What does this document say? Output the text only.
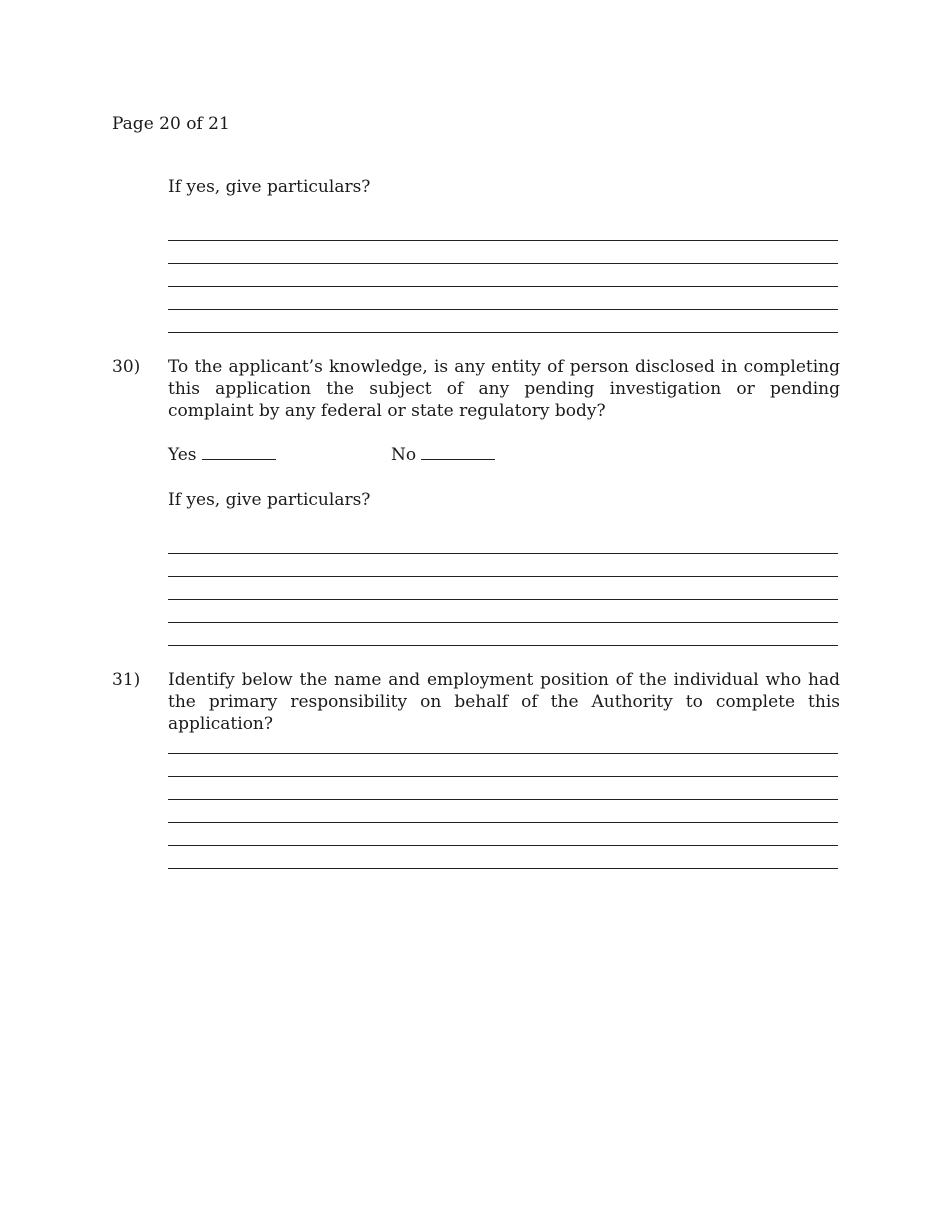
Page 20 of 21
If yes, give particulars?
30) To the applicant’s knowledge, is any entity of person disclosed in completing this application the subject of any pending investigation or pending complaint by any federal or state regulatory body?
Yes	No
If yes, give particulars?
31) Identify below the name and employment position of the individual who had the primary responsibility on behalf of the Authority to complete this application?
